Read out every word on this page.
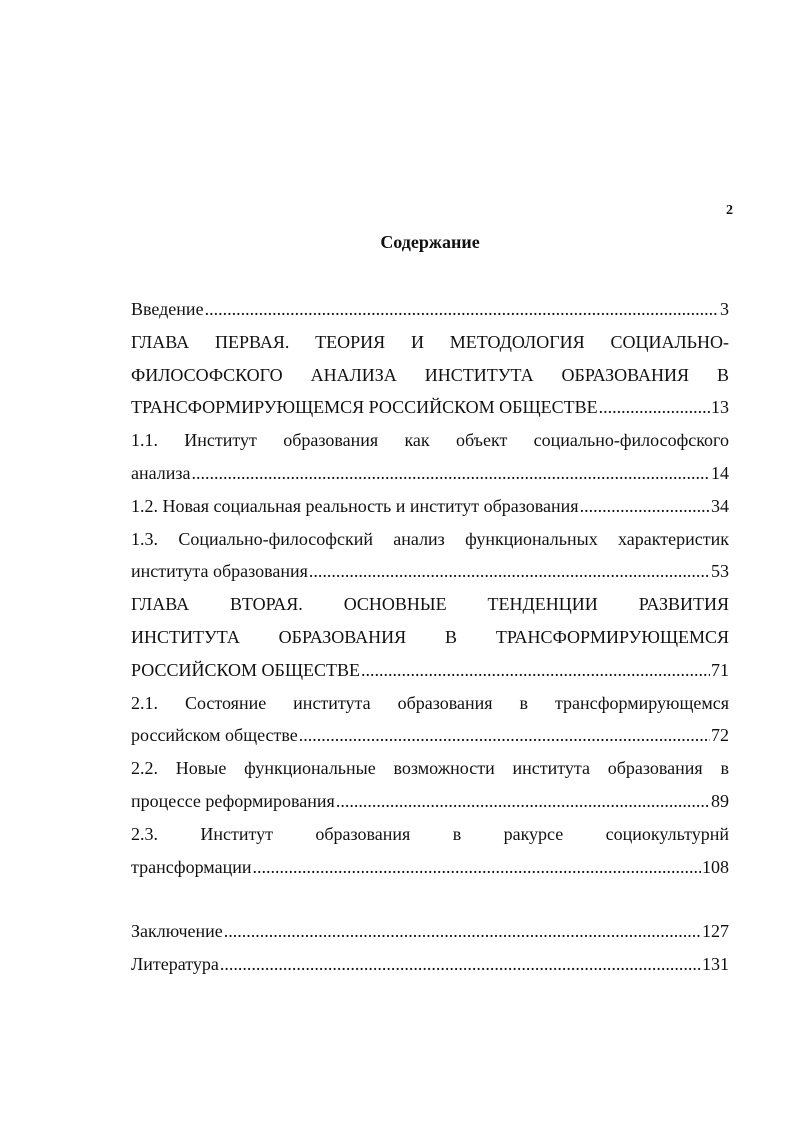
2
Содержание
Введение .....	3
ГЛАВА ПЕРВАЯ. ТЕОРИЯ И МЕТОДОЛОГИЯ СОЦИАЛЬНО-
ФИЛОСОФСКОГО АНАЛИЗА ИНСТИТУТА ОБРАЗОВАНИЯ В
ТРАНСФОРМИРУЮЩЕМСЯ РОССИЙСКОМ ОБЩЕСТВЕ .....	13
1.1. Институт образования как объект социально-философского
анализа .....	14
1.2. Новая социальная реальность и институт образования .....	34
1.3. Социально-философский анализ функциональных характеристик
института образования .....	53
ГЛАВА ВТОРАЯ. ОСНОВНЫЕ ТЕНДЕНЦИИ РАЗВИТИЯ
ИНСТИТУТА ОБРАЗОВАНИЯ В ТРАНСФОРМИРУЮЩЕМСЯ
РОССИЙСКОМ ОБЩЕСТВЕ .....	71
2.1. Состояние института образования в трансформирующемся
российском обществе .....	72
2.2. Новые функциональные возможности института образования в
процессе реформирования .....	89
2.3. Институт образования в ракурсе социокультурнй
трансформации .....	108
Заключение .....	127
Литература .....	131
